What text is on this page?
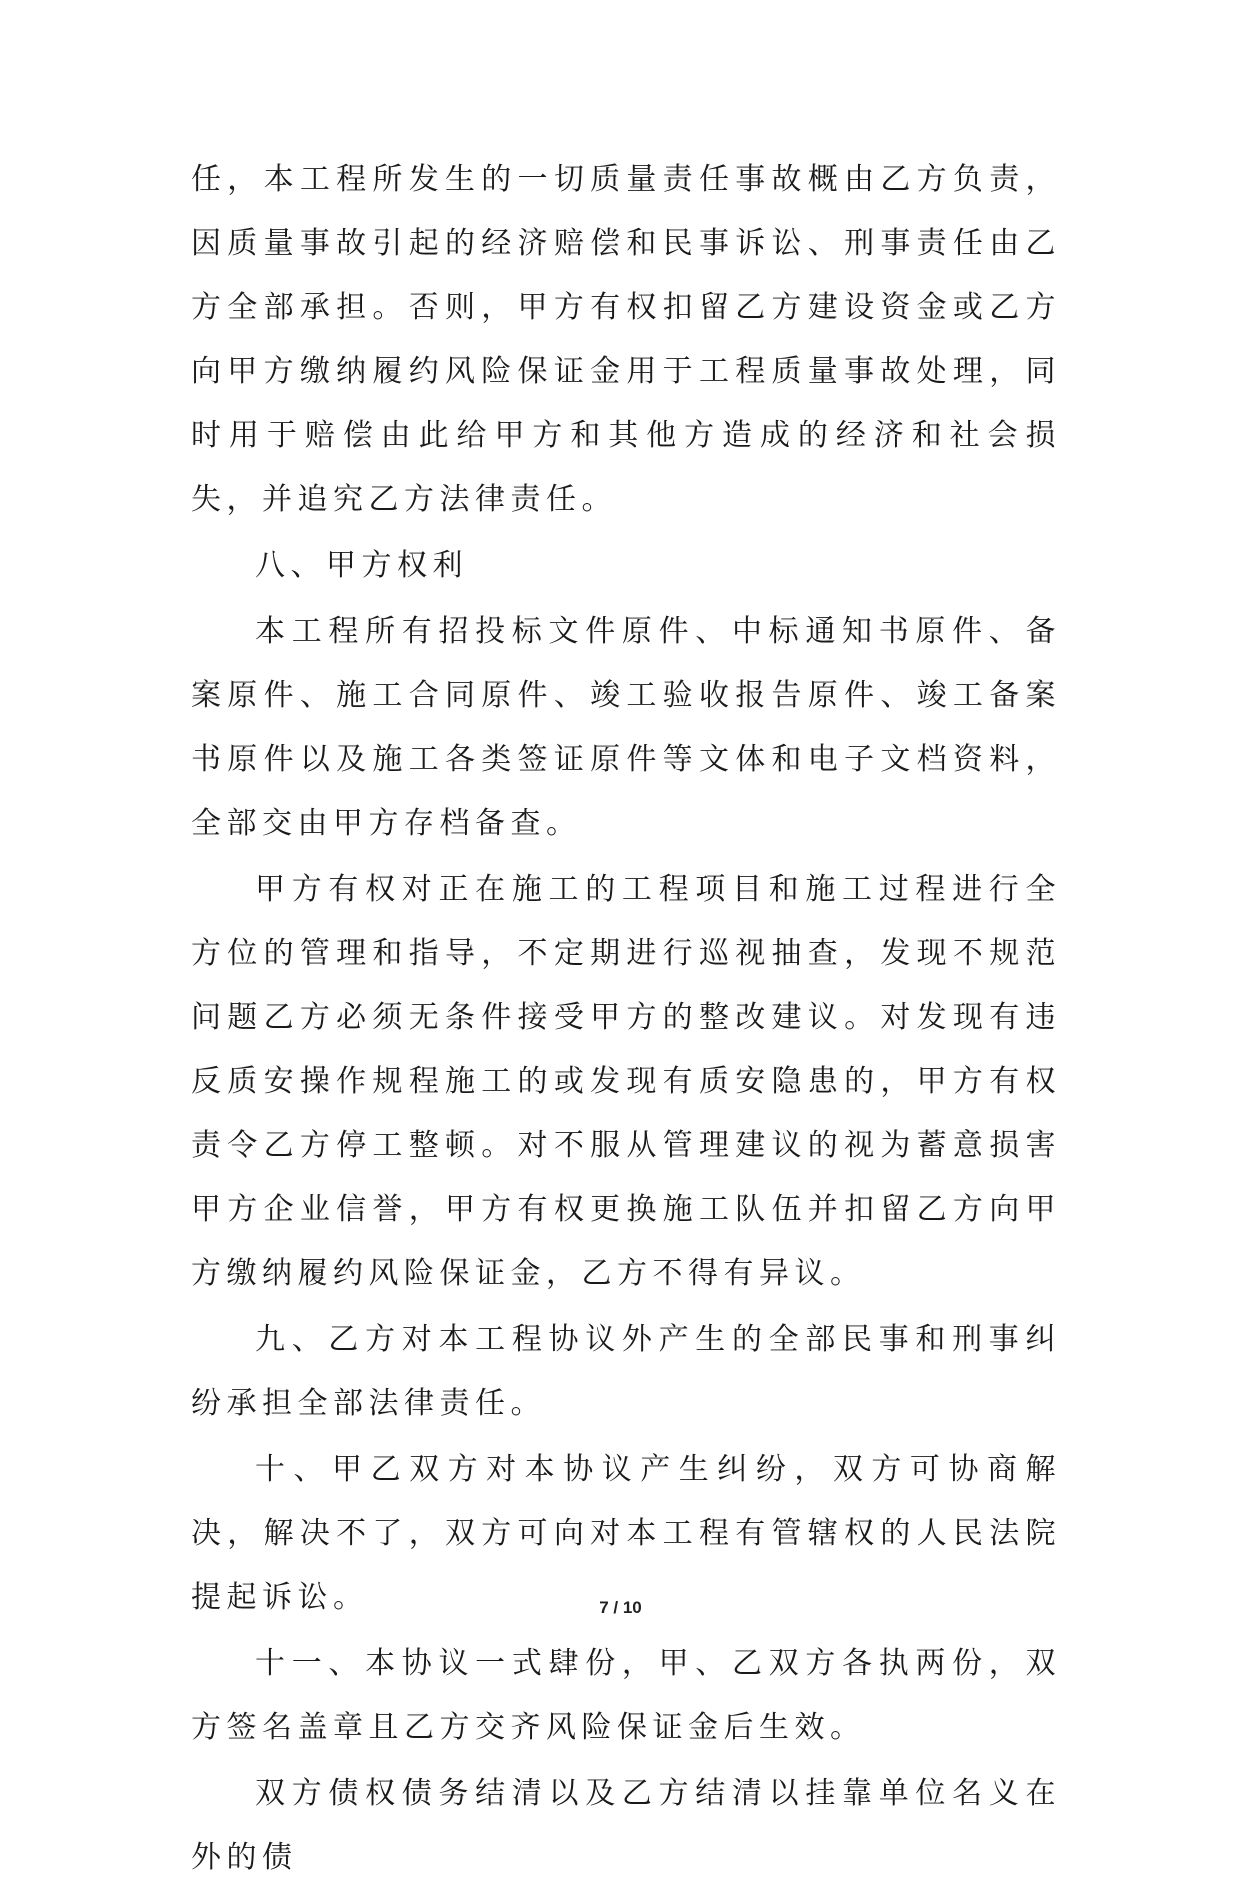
任，本工程所发生的一切质量责任事故概由乙方负责，因质量事故引起的经济赔偿和民事诉讼、刑事责任由乙方全部承担。否则，甲方有权扣留乙方建设资金或乙方向甲方缴纳履约风险保证金用于工程质量事故处理，同时用于赔偿由此给甲方和其他方造成的经济和社会损失，并追究乙方法律责任。

八、甲方权利

本工程所有招投标文件原件、中标通知书原件、备案原件、施工合同原件、竣工验收报告原件、竣工备案书原件以及施工各类签证原件等文体和电子文档资料，全部交由甲方存档备查。

甲方有权对正在施工的工程项目和施工过程进行全方位的管理和指导，不定期进行巡视抽查，发现不规范问题乙方必须无条件接受甲方的整改建议。对发现有违反质安操作规程施工的或发现有质安隐患的，甲方有权责令乙方停工整顿。对不服从管理建议的视为蓄意损害甲方企业信誉，甲方有权更换施工队伍并扣留乙方向甲方缴纳履约风险保证金，乙方不得有异议。

九、乙方对本工程协议外产生的全部民事和刑事纠纷承担全部法律责任。

十、甲乙双方对本协议产生纠纷，双方可协商解决，解决不了，双方可向对本工程有管辖权的人民法院提起诉讼。

十一、本协议一式肆份，甲、乙双方各执两份，双方签名盖章且乙方交齐风险保证金后生效。

双方债权债务结清以及乙方结清以挂靠单位名义在外的债

7 / 10
